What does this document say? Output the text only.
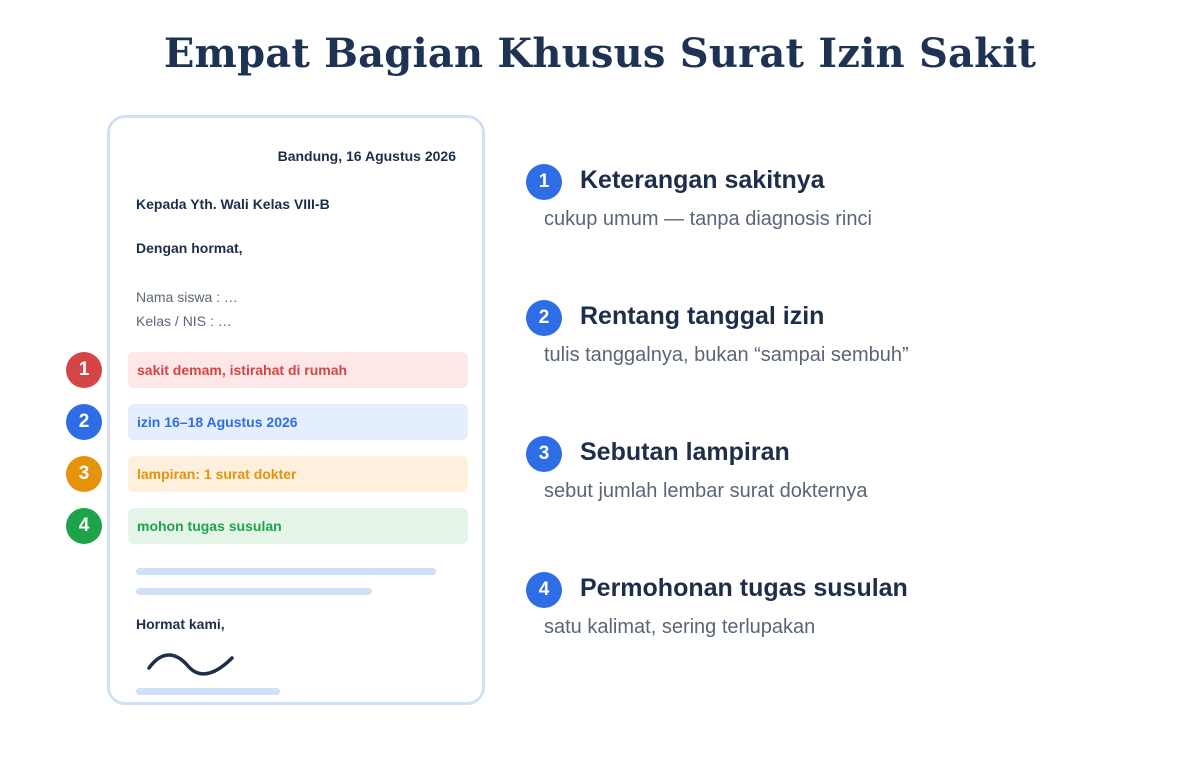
Empat Bagian Khusus Surat Izin Sakit
Bandung, 16 Agustus 2026
Kepada Yth. Wali Kelas VIII-B
Dengan hormat,
Nama siswa : …
Kelas / NIS : …
sakit demam, istirahat di rumah
izin 16–18 Agustus 2026
lampiran: 1 surat dokter
mohon tugas susulan
Hormat kami,
1
2
3
4
1	Keterangan sakitnya
cukup umum — tanpa diagnosis rinci
2	Rentang tanggal izin
tulis tanggalnya, bukan “sampai sembuh”
3	Sebutan lampiran
sebut jumlah lembar surat dokternya
4	Permohonan tugas susulan
satu kalimat, sering terlupakan
